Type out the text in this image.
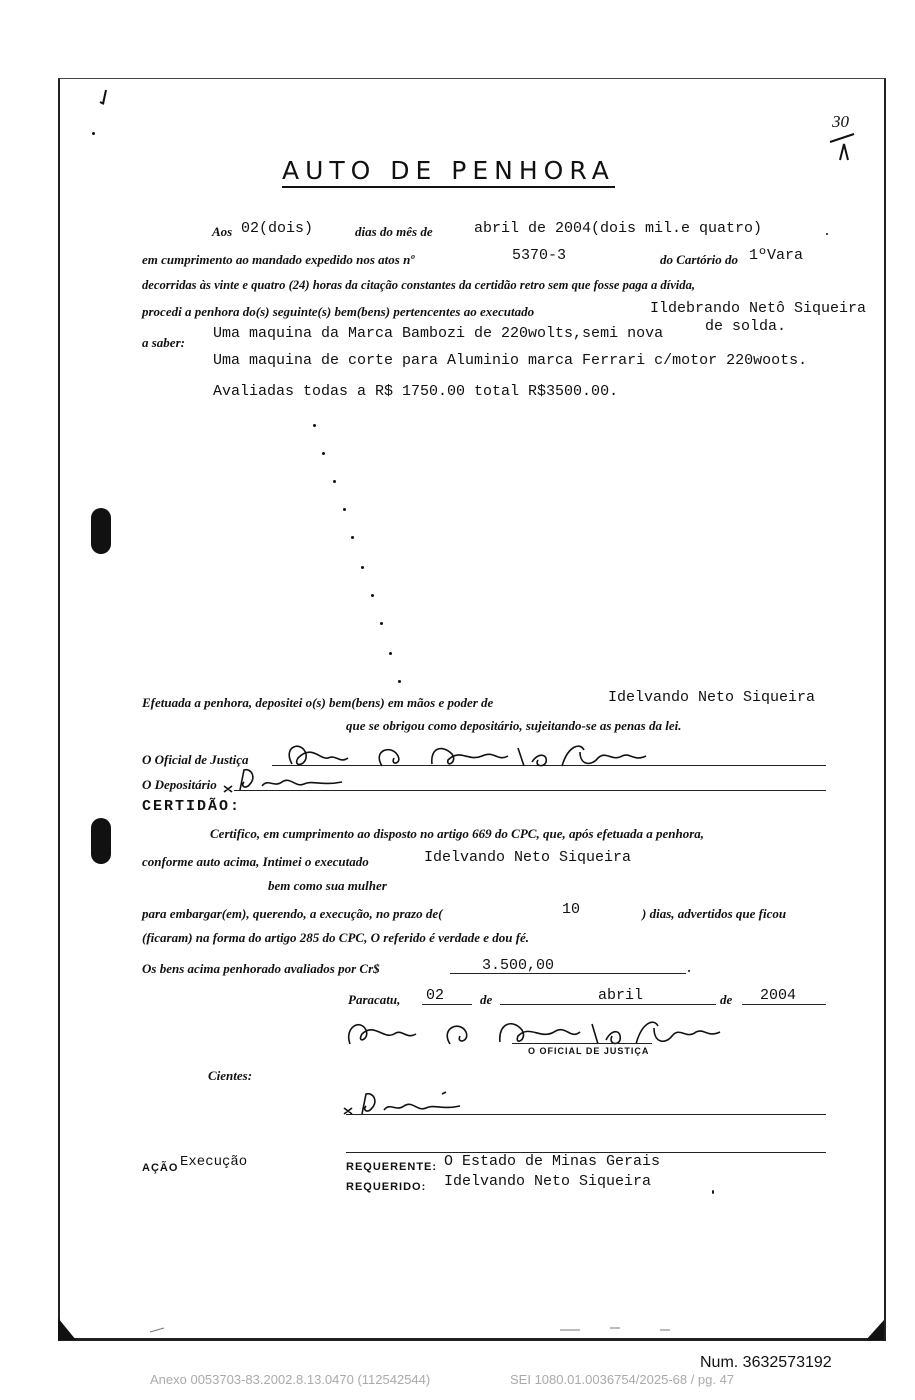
30
AUTO DE PENHORA
Aos 02(dois)	dias do mês de	abril de 2004(dois mil.e quatro)
em cumprimento ao mandado expedido nos atos nº	5370-3	do Cartório do 1ºVara
decorridas às vinte e quatro (24) horas da citação constantes da certidão retro sem que fosse paga a dívida,
procedi a penhora do(s) seguinte(s) bem(bens) pertencentes ao executado	Ildebrando Netô Siqueira
a saber:
Uma maquina da Marca Bambozi de 220wolts,semi nova	de solda.
Uma maquina de corte para Aluminio marca Ferrari c/motor 220woots.
Avaliadas todas a R$ 1750.00 total R$3500.00.
Efetuada a penhora, depositei o(s) bem(bens) em mãos e poder de	Idelvando Neto Siqueira
que se obrigou como depositário, sujeitando-se as penas da lei.
O Oficial de Justiça
O Depositário
CERTIDÃO:
Certifico, em cumprimento ao disposto no artigo 669 do CPC, que, após efetuada a penhora,
conforme auto acima, Intimei o executado	Idelvando Neto Siqueira
bem como sua mulher
para embargar(em), querendo, a execução, no prazo de(	10	) dias, advertidos que ficou
(ficaram) na forma do artigo 285 do CPC, O referido é verdade e dou fé.
Os bens acima penhorado avaliados por Cr$	3.500,00
Paracatu, 02	de	abril	de 2004
O OFICIAL DE JUSTIÇA
Cientes:
AÇÃO Execução	REQUERENTE: O Estado de Minas Gerais
REQUERIDO: Idelvando Neto Siqueira
Num. 3632573192
Anexo 0053703-83.2002.8.13.0470 (112542544)	SEI 1080.01.0036754/2025-68 / pg. 47
